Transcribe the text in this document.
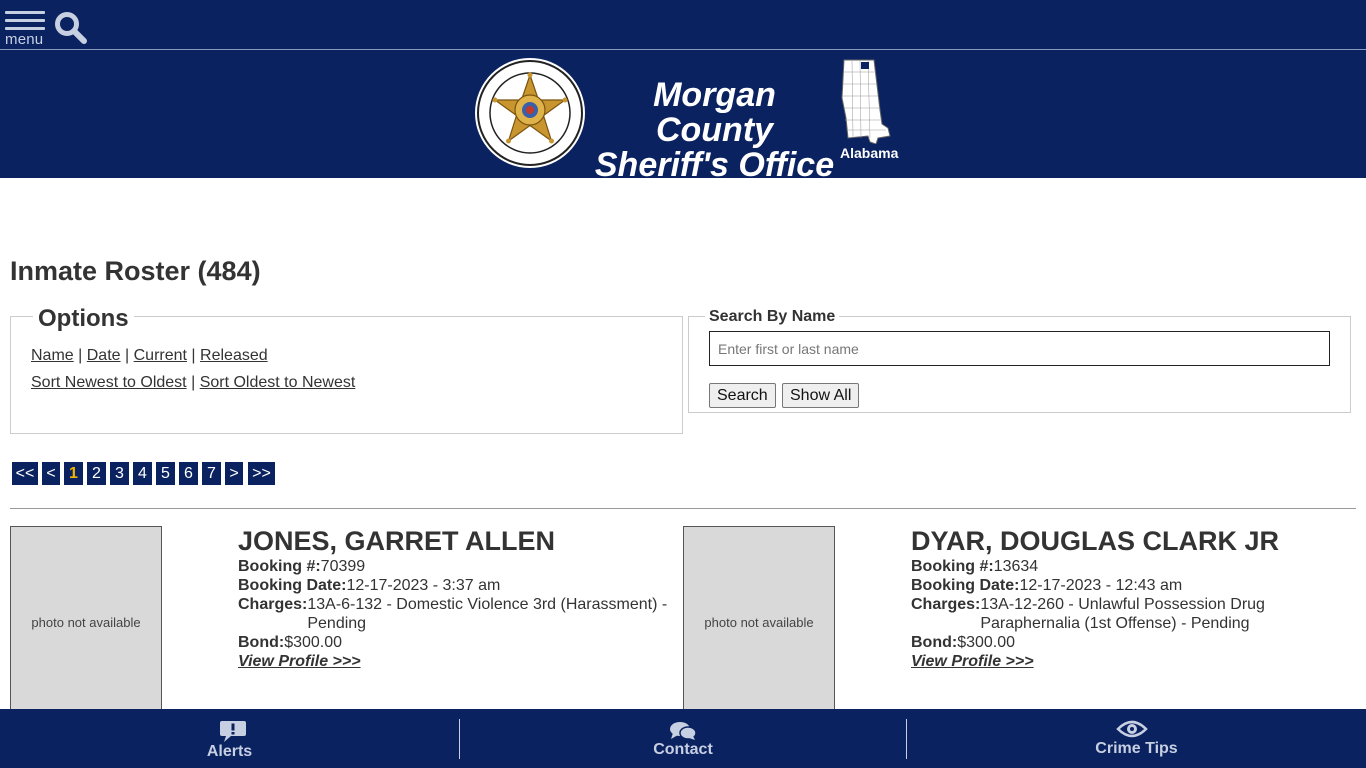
menu
Morgan County
Sheriff's Office Alabama
Inmate Roster (484)
Options
Name | Date | Current | Released
Sort Newest to Oldest | Sort Oldest to Newest
Search By Name
Enter first or last name
Search	Show All
<< < 1 2 3 4 5 6 7 > >>
photo not available
JONES, GARRET ALLEN
Booking #:70399
Booking Date:12-17-2023 - 3:37 am
Charges: 13A-6-132 - Domestic Violence 3rd (Harassment) - Pending
Bond:$300.00
View Profile >>>
photo not available
DYAR, DOUGLAS CLARK JR
Booking #:13634
Booking Date:12-17-2023 - 12:43 am
Charges: 13A-12-260 - Unlawful Possession Drug Paraphernalia (1st Offense) - Pending
Bond:$300.00
View Profile >>>
Alerts	Contact	Crime Tips
